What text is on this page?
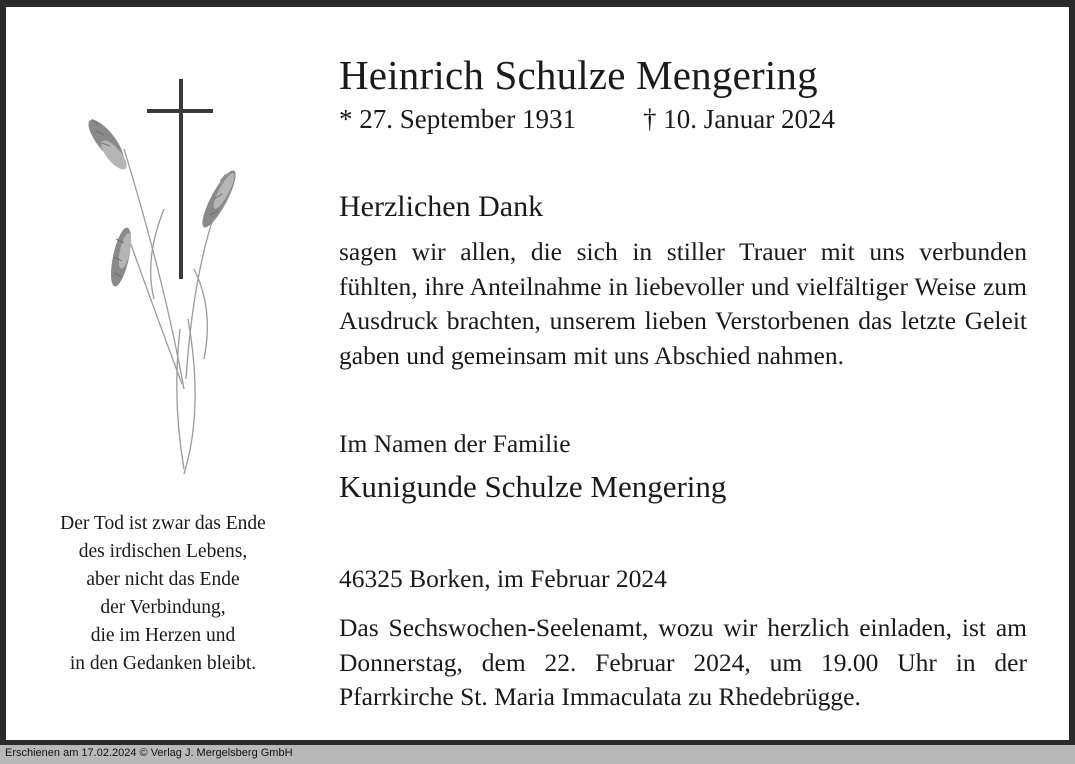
Heinrich Schulze Mengering
* 27. September 1931 † 10. Januar 2024
Herzlichen Dank
sagen wir allen, die sich in stiller Trauer mit uns verbunden fühlten, ihre Anteilnahme in liebevoller und vielfältiger Weise zum Ausdruck brachten, unserem lieben Verstorbenen das letzte Geleit gaben und gemeinsam mit uns Abschied nahmen.
Im Namen der Familie
Kunigunde Schulze Mengering
46325 Borken, im Februar 2024
Das Sechswochen-Seelenamt, wozu wir herzlich einladen, ist am Donnerstag, dem 22. Februar 2024, um 19.00 Uhr in der Pfarrkirche St. Maria Immaculata zu Rhedebrügge.
Der Tod ist zwar das Ende
des irdischen Lebens,
aber nicht das Ende
der Verbindung,
die im Herzen und
in den Gedanken bleibt.
Erschienen am 17.02.2024 © Verlag J. Mergelsberg GmbH
